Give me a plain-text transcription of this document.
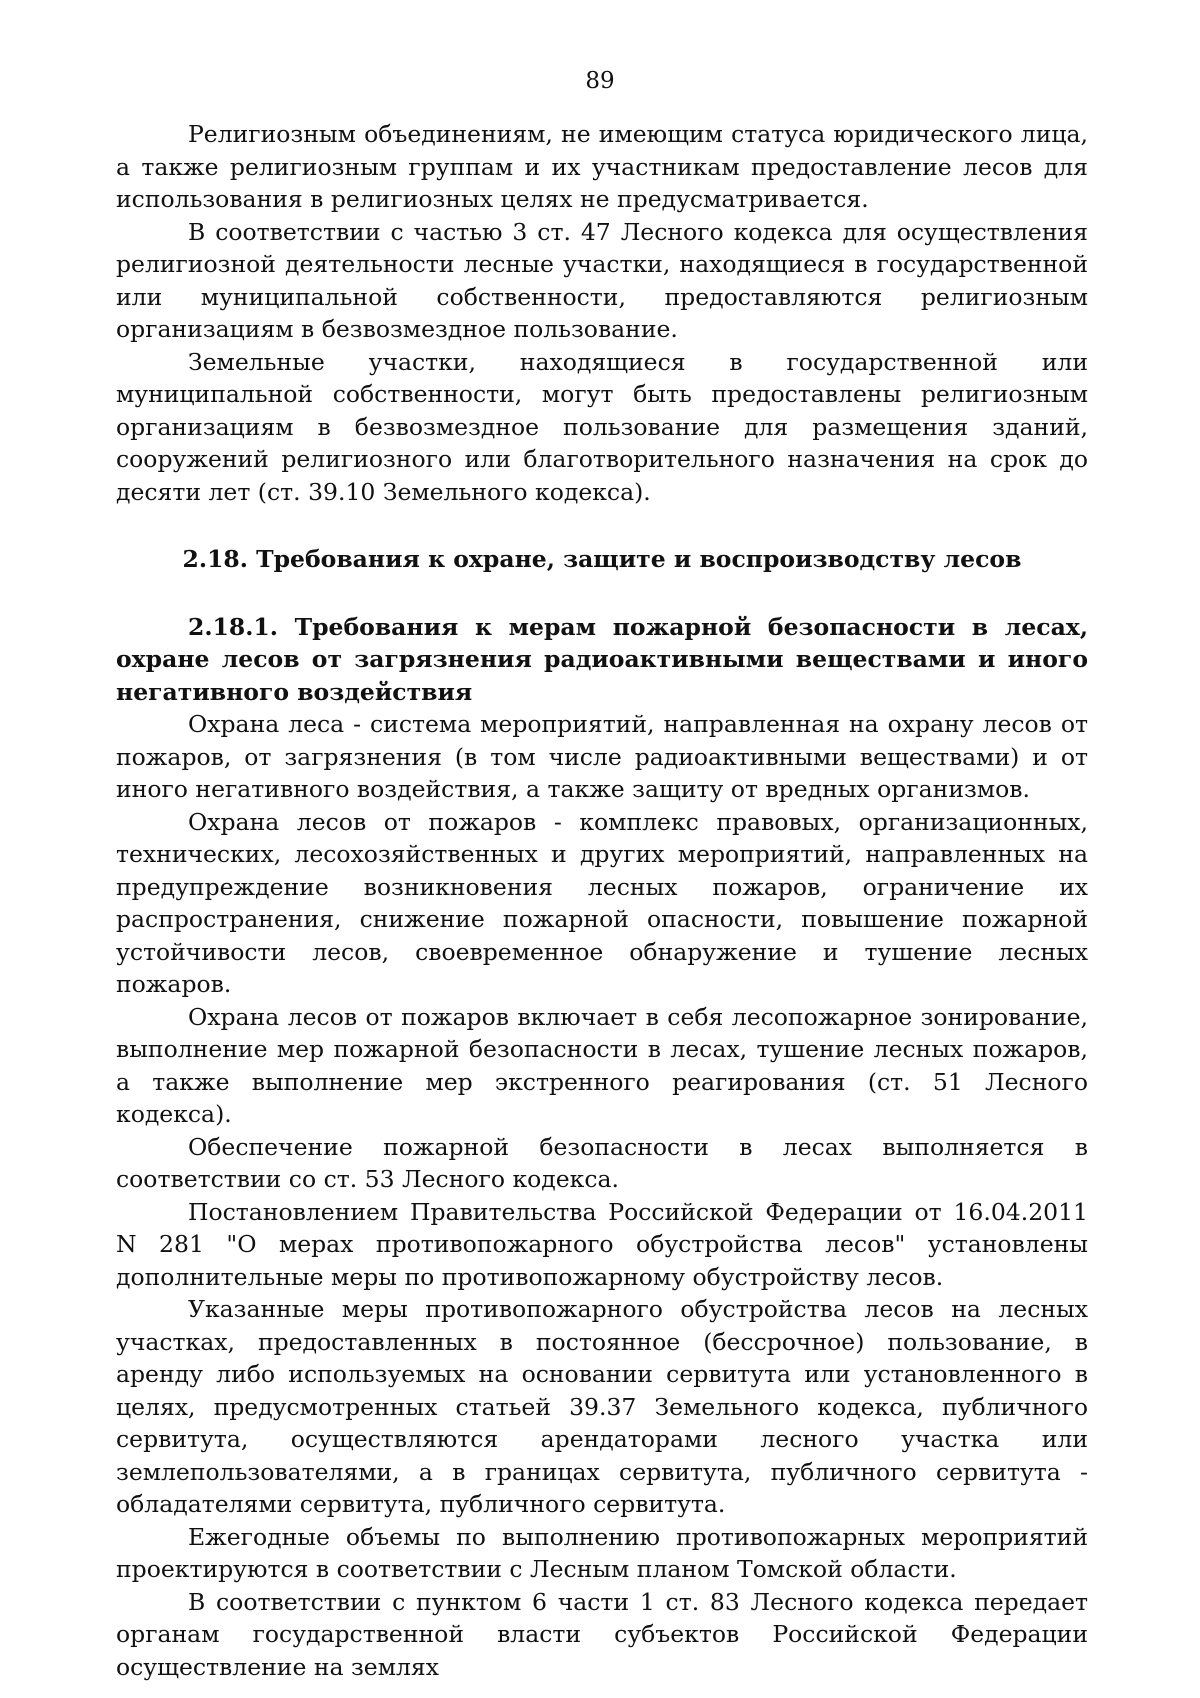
89

Религиозным объединениям, не имеющим статуса юридического лица, а также религиозным группам и их участникам предоставление лесов для использования в религиозных целях не предусматривается.

В соответствии с частью 3 ст. 47 Лесного кодекса для осуществления религиозной деятельности лесные участки, находящиеся в государственной или муниципальной собственности, предоставляются религиозным организациям в безвозмездное пользование.

Земельные участки, находящиеся в государственной или муниципальной собственности, могут быть предоставлены религиозным организациям в безвозмездное пользование для размещения зданий, сооружений религиозного или благотворительного назначения на срок до десяти лет (ст. 39.10 Земельного кодекса).

2.18. Требования к охране, защите и воспроизводству лесов
2.18.1. Требования к мерам пожарной безопасности в лесах, охране лесов от загрязнения радиоактивными веществами и иного негативного воздействия

Охрана леса - система мероприятий, направленная на охрану лесов от пожаров, от загрязнения (в том числе радиоактивными веществами) и от иного негативного воздействия, а также защиту от вредных организмов.

Охрана лесов от пожаров - комплекс правовых, организационных, технических, лесохозяйственных и других мероприятий, направленных на предупреждение возникновения лесных пожаров, ограничение их распространения, снижение пожарной опасности, повышение пожарной устойчивости лесов, своевременное обнаружение и тушение лесных пожаров.

Охрана лесов от пожаров включает в себя лесопожарное зонирование, выполнение мер пожарной безопасности в лесах, тушение лесных пожаров, а также выполнение мер экстренного реагирования (ст. 51 Лесного кодекса).

Обеспечение пожарной безопасности в лесах выполняется в соответствии со ст. 53 Лесного кодекса.

Постановлением Правительства Российской Федерации от 16.04.2011 N 281 "О мерах противопожарного обустройства лесов" установлены дополнительные меры по противопожарному обустройству лесов.

Указанные меры противопожарного обустройства лесов на лесных участках, предоставленных в постоянное (бессрочное) пользование, в аренду либо используемых на основании сервитута или установленного в целях, предусмотренных статьей 39.37 Земельного кодекса, публичного сервитута, осуществляются арендаторами лесного участка или землепользователями, а в границах сервитута, публичного сервитута - обладателями сервитута, публичного сервитута.

Ежегодные объемы по выполнению противопожарных мероприятий проектируются в соответствии с Лесным планом Томской области.

В соответствии с пунктом 6 части 1 ст. 83 Лесного кодекса передает органам государственной власти субъектов Российской Федерации осуществление на землях
